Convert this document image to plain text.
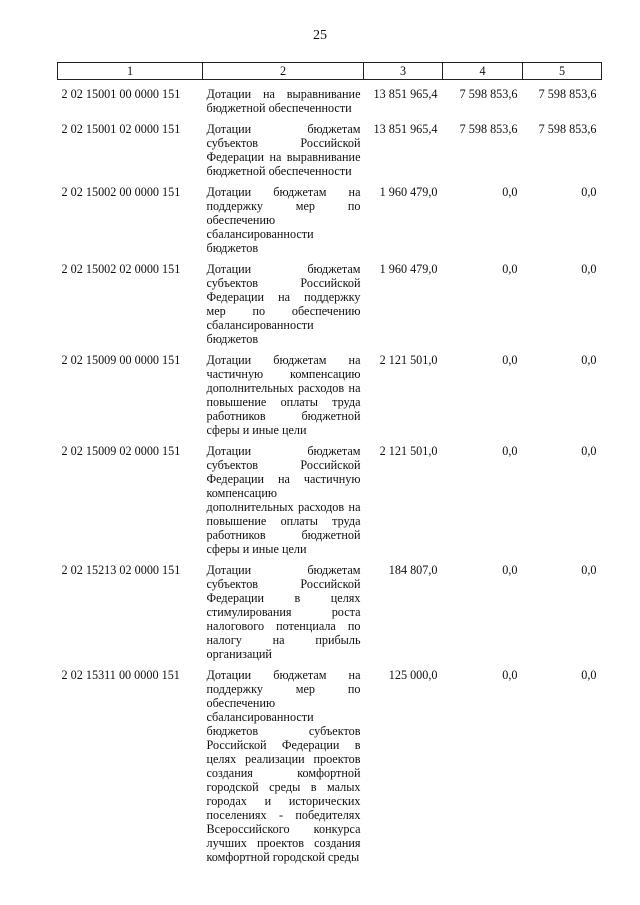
25
1	2	3	4	5
2 02 15001 00 0000 151	Дотации на выравнивание бюджетной обеспеченности	13 851 965,4	7 598 853,6	7 598 853,6
2 02 15001 02 0000 151	Дотации бюджетам субъектов Российской Федерации на выравнивание бюджетной обеспеченности	13 851 965,4	7 598 853,6	7 598 853,6
2 02 15002 00 0000 151	Дотации бюджетам на поддержку мер по обеспечению сбалансированности бюджетов	1 960 479,0	0,0	0,0
2 02 15002 02 0000 151	Дотации бюджетам субъектов Российской Федерации на поддержку мер по обеспечению сбалансированности бюджетов	1 960 479,0	0,0	0,0
2 02 15009 00 0000 151	Дотации бюджетам на частичную компенсацию дополнительных расходов на повышение оплаты труда работников бюджетной сферы и иные цели	2 121 501,0	0,0	0,0
2 02 15009 02 0000 151	Дотации бюджетам субъектов Российской Федерации на частичную компенсацию дополнительных расходов на повышение оплаты труда работников бюджетной сферы и иные цели	2 121 501,0	0,0	0,0
2 02 15213 02 0000 151	Дотации бюджетам субъектов Российской Федерации в целях стимулирования роста налогового потенциала по налогу на прибыль организаций	184 807,0	0,0	0,0
2 02 15311 00 0000 151	Дотации бюджетам на поддержку мер по обеспечению сбалансированности бюджетов субъектов Российской Федерации в целях реализации проектов создания комфортной городской среды в малых городах и исторических поселениях - победителях Всероссийского конкурса лучших проектов создания комфортной городской среды	125 000,0	0,0	0,0
